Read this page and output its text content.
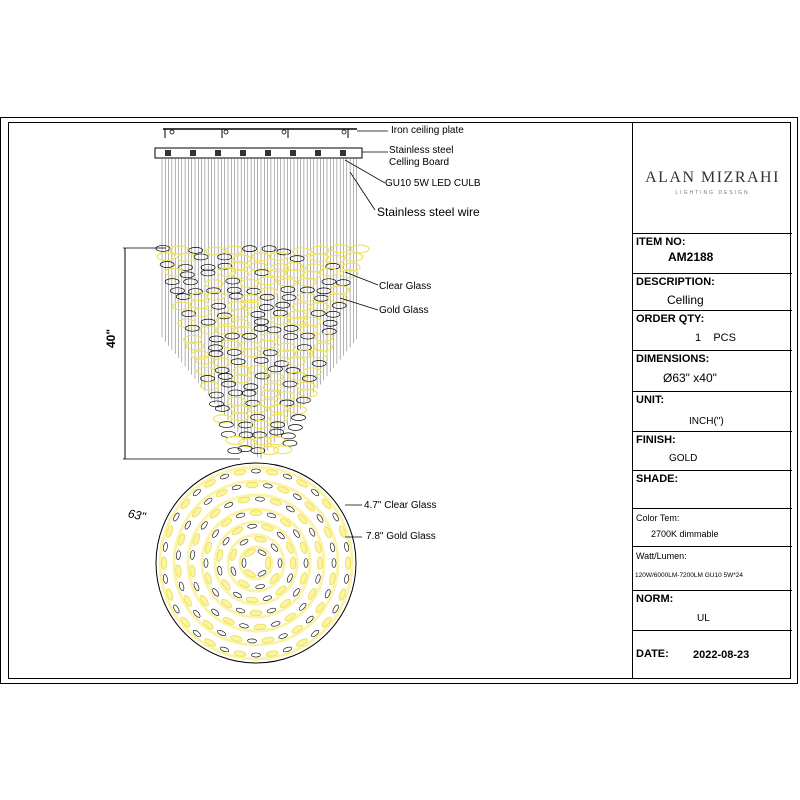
Iron ceiling plate
Stainless steel
Celling Board
GU10 5W LED CULB
Stainless steel wire
Clear Glass
Gold Glass
40"
63"
4.7" Clear Glass
7.8" Gold Glass
ALAN MIZRAHI
LIGHTING DESIGN
ITEM NO:
AM2188
DESCRIPTION:
Celling
ORDER QTY:
1    PCS
DIMENSIONS:
Ø63" x40"
UNIT:
INCH(")
FINISH:
GOLD
SHADE:
Color Tem:
2700K dimmable
Watt/Lumen:
120W/6000LM-7200LM GU10 5W*24
NORM:
UL
DATE: 2022-08-23
